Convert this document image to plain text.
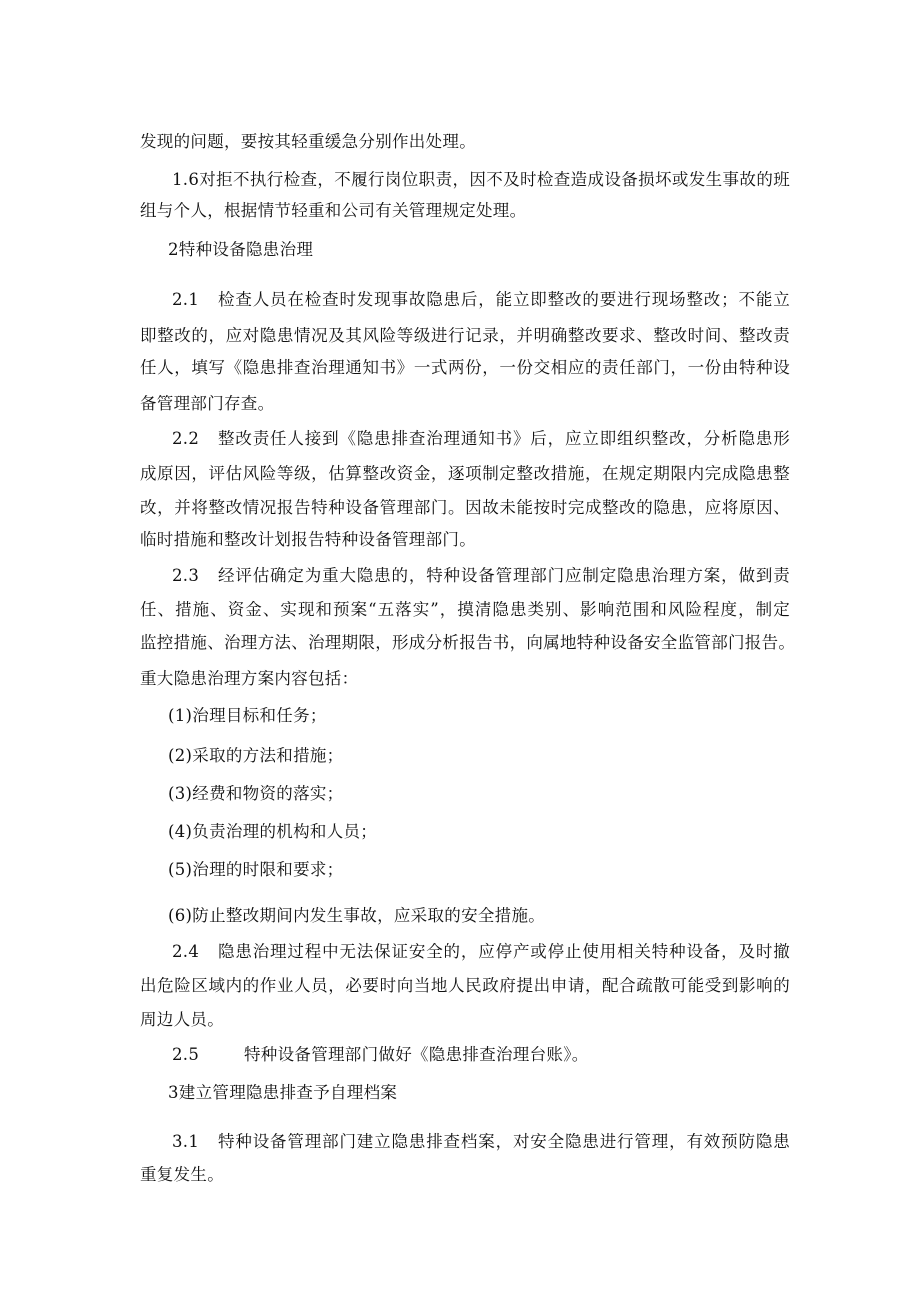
发现的问题，要按其轻重缓急分别作出处理。
1.6对拒不执行检查，不履行岗位职责，因不及时检查造成设备损坏或发生事故的班
组与个人，根据情节轻重和公司有关管理规定处理。
2特种设备隐患治理
2.1	检查人员在检查时发现事故隐患后，能立即整改的要进行现场整改；不能立
即整改的，应对隐患情况及其风险等级进行记录，并明确整改要求、整改时间、整改责
任人，填写《隐患排查治理通知书》一式两份，一份交相应的责任部门，一份由特种设
备管理部门存查。
2.2	整改责任人接到《隐患排查治理通知书》后，应立即组织整改，分析隐患形
成原因，评估风险等级，估算整改资金，逐项制定整改措施，在规定期限内完成隐患整
改，并将整改情况报告特种设备管理部门。因故未能按时完成整改的隐患，应将原因、
临时措施和整改计划报告特种设备管理部门。
2.3	经评估确定为重大隐患的，特种设备管理部门应制定隐患治理方案，做到责
任、措施、资金、实现和预案“五落实”，摸清隐患类别、影响范围和风险程度，制定
监控措施、治理方法、治理期限，形成分析报告书，向属地特种设备安全监管部门报告。
重大隐患治理方案内容包括：
(1)治理目标和任务；
(2)采取的方法和措施；
(3)经费和物资的落实；
(4)负责治理的机构和人员；
(5)治理的时限和要求；
(6)防止整改期间内发生事故，应采取的安全措施。
2.4	隐患治理过程中无法保证安全的，应停产或停止使用相关特种设备，及时撤
出危险区域内的作业人员，必要时向当地人民政府提出申请，配合疏散可能受到影响的
周边人员。
2.5	特种设备管理部门做好《隐患排查治理台账》。
3建立管理隐患排查予自理档案
3.1	特种设备管理部门建立隐患排查档案，对安全隐患进行管理，有效预防隐患
重复发生。
